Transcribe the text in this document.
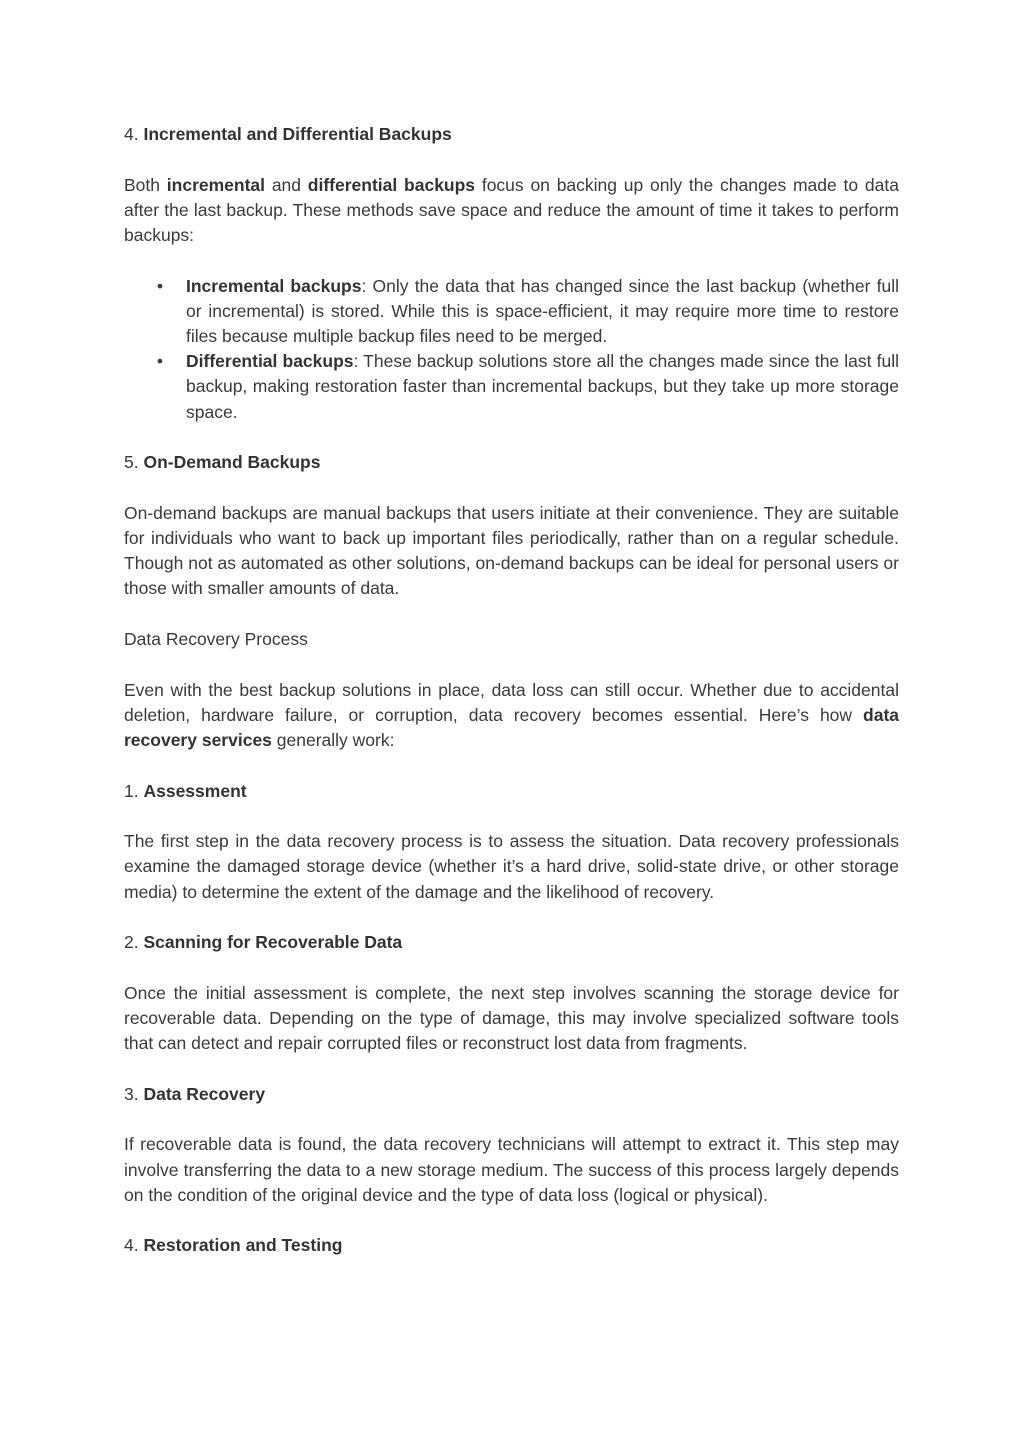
4. Incremental and Differential Backups

Both incremental and differential backups focus on backing up only the changes made to data after the last backup. These methods save space and reduce the amount of time it takes to perform backups:

• Incremental backups: Only the data that has changed since the last backup (whether full or incremental) is stored. While this is space-efficient, it may require more time to restore files because multiple backup files need to be merged.
• Differential backups: These backup solutions store all the changes made since the last full backup, making restoration faster than incremental backups, but they take up more storage space.

5. On-Demand Backups

On-demand backups are manual backups that users initiate at their convenience. They are suitable for individuals who want to back up important files periodically, rather than on a regular schedule. Though not as automated as other solutions, on-demand backups can be ideal for personal users or those with smaller amounts of data.

Data Recovery Process

Even with the best backup solutions in place, data loss can still occur. Whether due to accidental deletion, hardware failure, or corruption, data recovery becomes essential. Here’s how data recovery services generally work:

1. Assessment

The first step in the data recovery process is to assess the situation. Data recovery professionals examine the damaged storage device (whether it’s a hard drive, solid-state drive, or other storage media) to determine the extent of the damage and the likelihood of recovery.

2. Scanning for Recoverable Data

Once the initial assessment is complete, the next step involves scanning the storage device for recoverable data. Depending on the type of damage, this may involve specialized software tools that can detect and repair corrupted files or reconstruct lost data from fragments.

3. Data Recovery

If recoverable data is found, the data recovery technicians will attempt to extract it. This step may involve transferring the data to a new storage medium. The success of this process largely depends on the condition of the original device and the type of data loss (logical or physical).

4. Restoration and Testing
